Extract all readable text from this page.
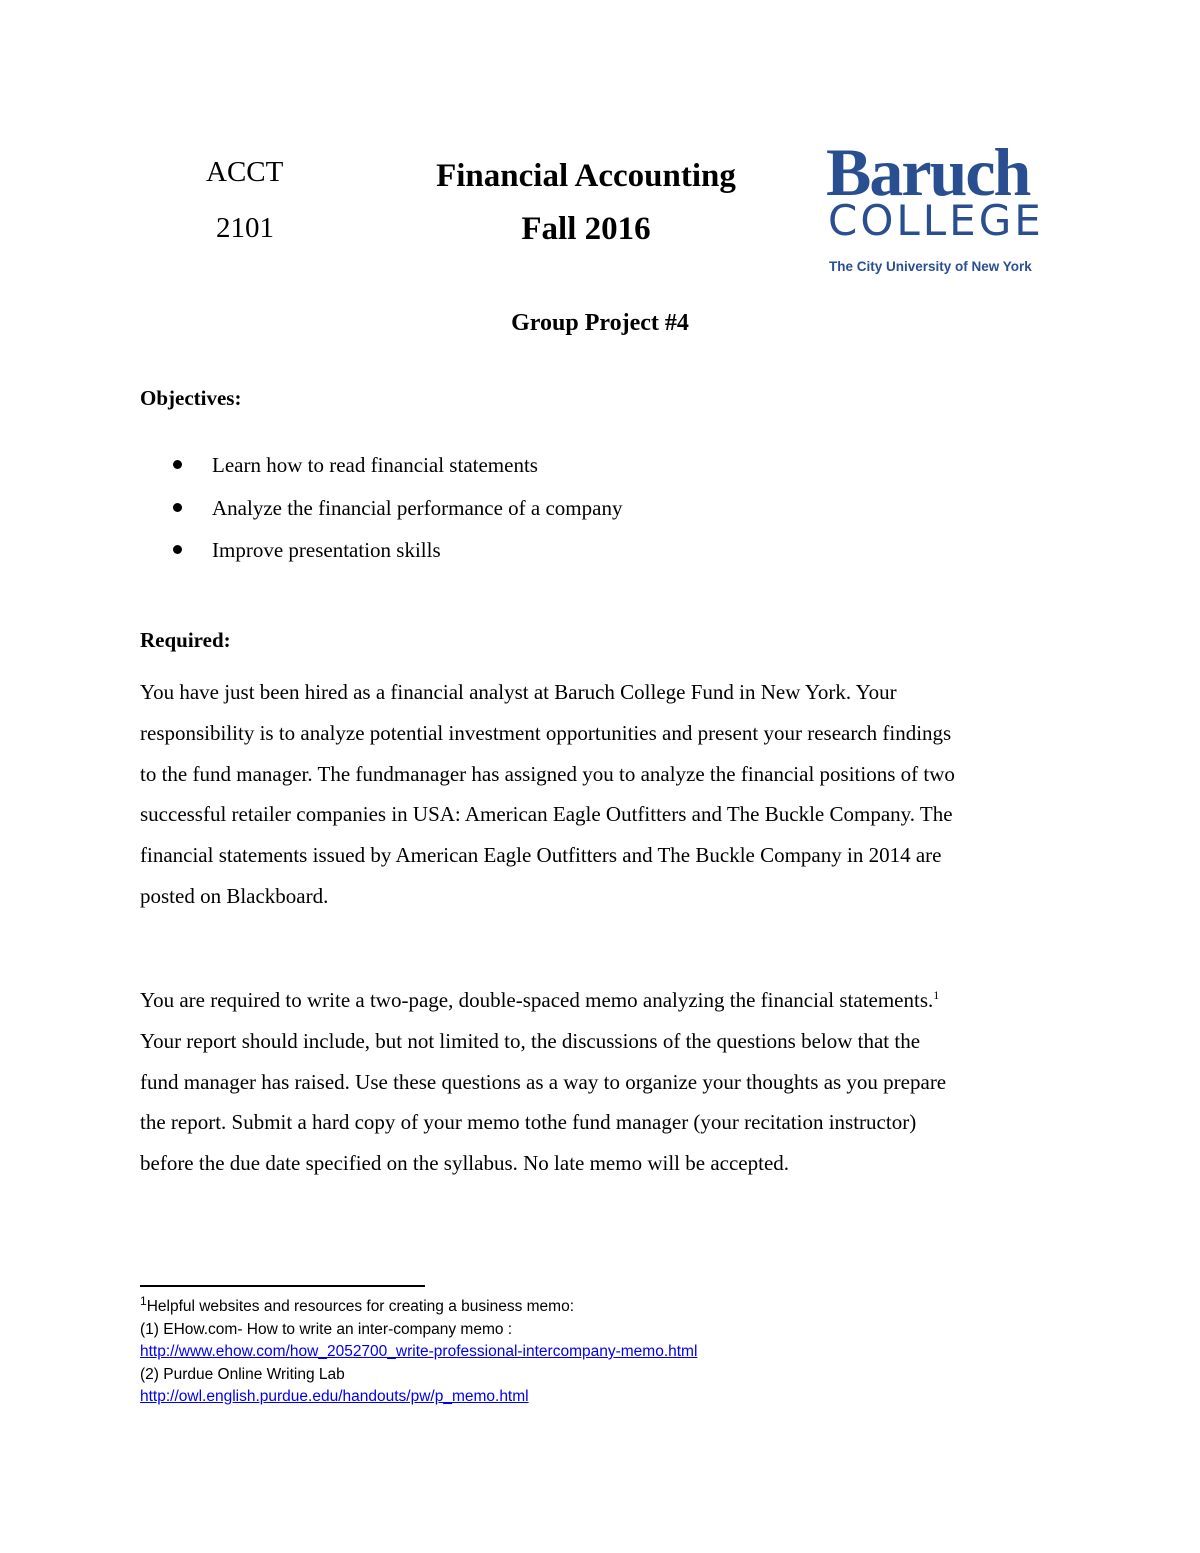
ACCT
2101
Financial Accounting
Fall 2016
Baruch
COLLEGE
The City University of New York
Group Project #4
Objectives:
Learn how to read financial statements
Analyze the financial performance of a company
Improve presentation skills
Required:

You have just been hired as a financial analyst at Baruch College Fund in New York. Your

responsibility is to analyze potential investment opportunities and present your research findings

to the fund manager. The fundmanager has assigned you to analyze the financial positions of two

successful retailer companies in USA: American Eagle Outfitters and The Buckle Company. The

financial statements issued by American Eagle Outfitters and The Buckle Company in 2014 are

posted on Blackboard.

You are required to write a two-page, double-spaced memo analyzing the financial statements.$^1$

Your report should include, but not limited to, the discussions of the questions below that the

fund manager has raised. Use these questions as a way to organize your thoughts as you prepare

the report. Submit a hard copy of your memo tothe fund manager (your recitation instructor)

before the due date specified on the syllabus. No late memo will be accepted.

$^1$Helpful websites and resources for creating a business memo:
(1) EHow.com- How to write an inter-company memo :
http://www.ehow.com/how_2052700_write-professional-intercompany-memo.html
(2) Purdue Online Writing Lab
http://owl.english.purdue.edu/handouts/pw/p_memo.html
